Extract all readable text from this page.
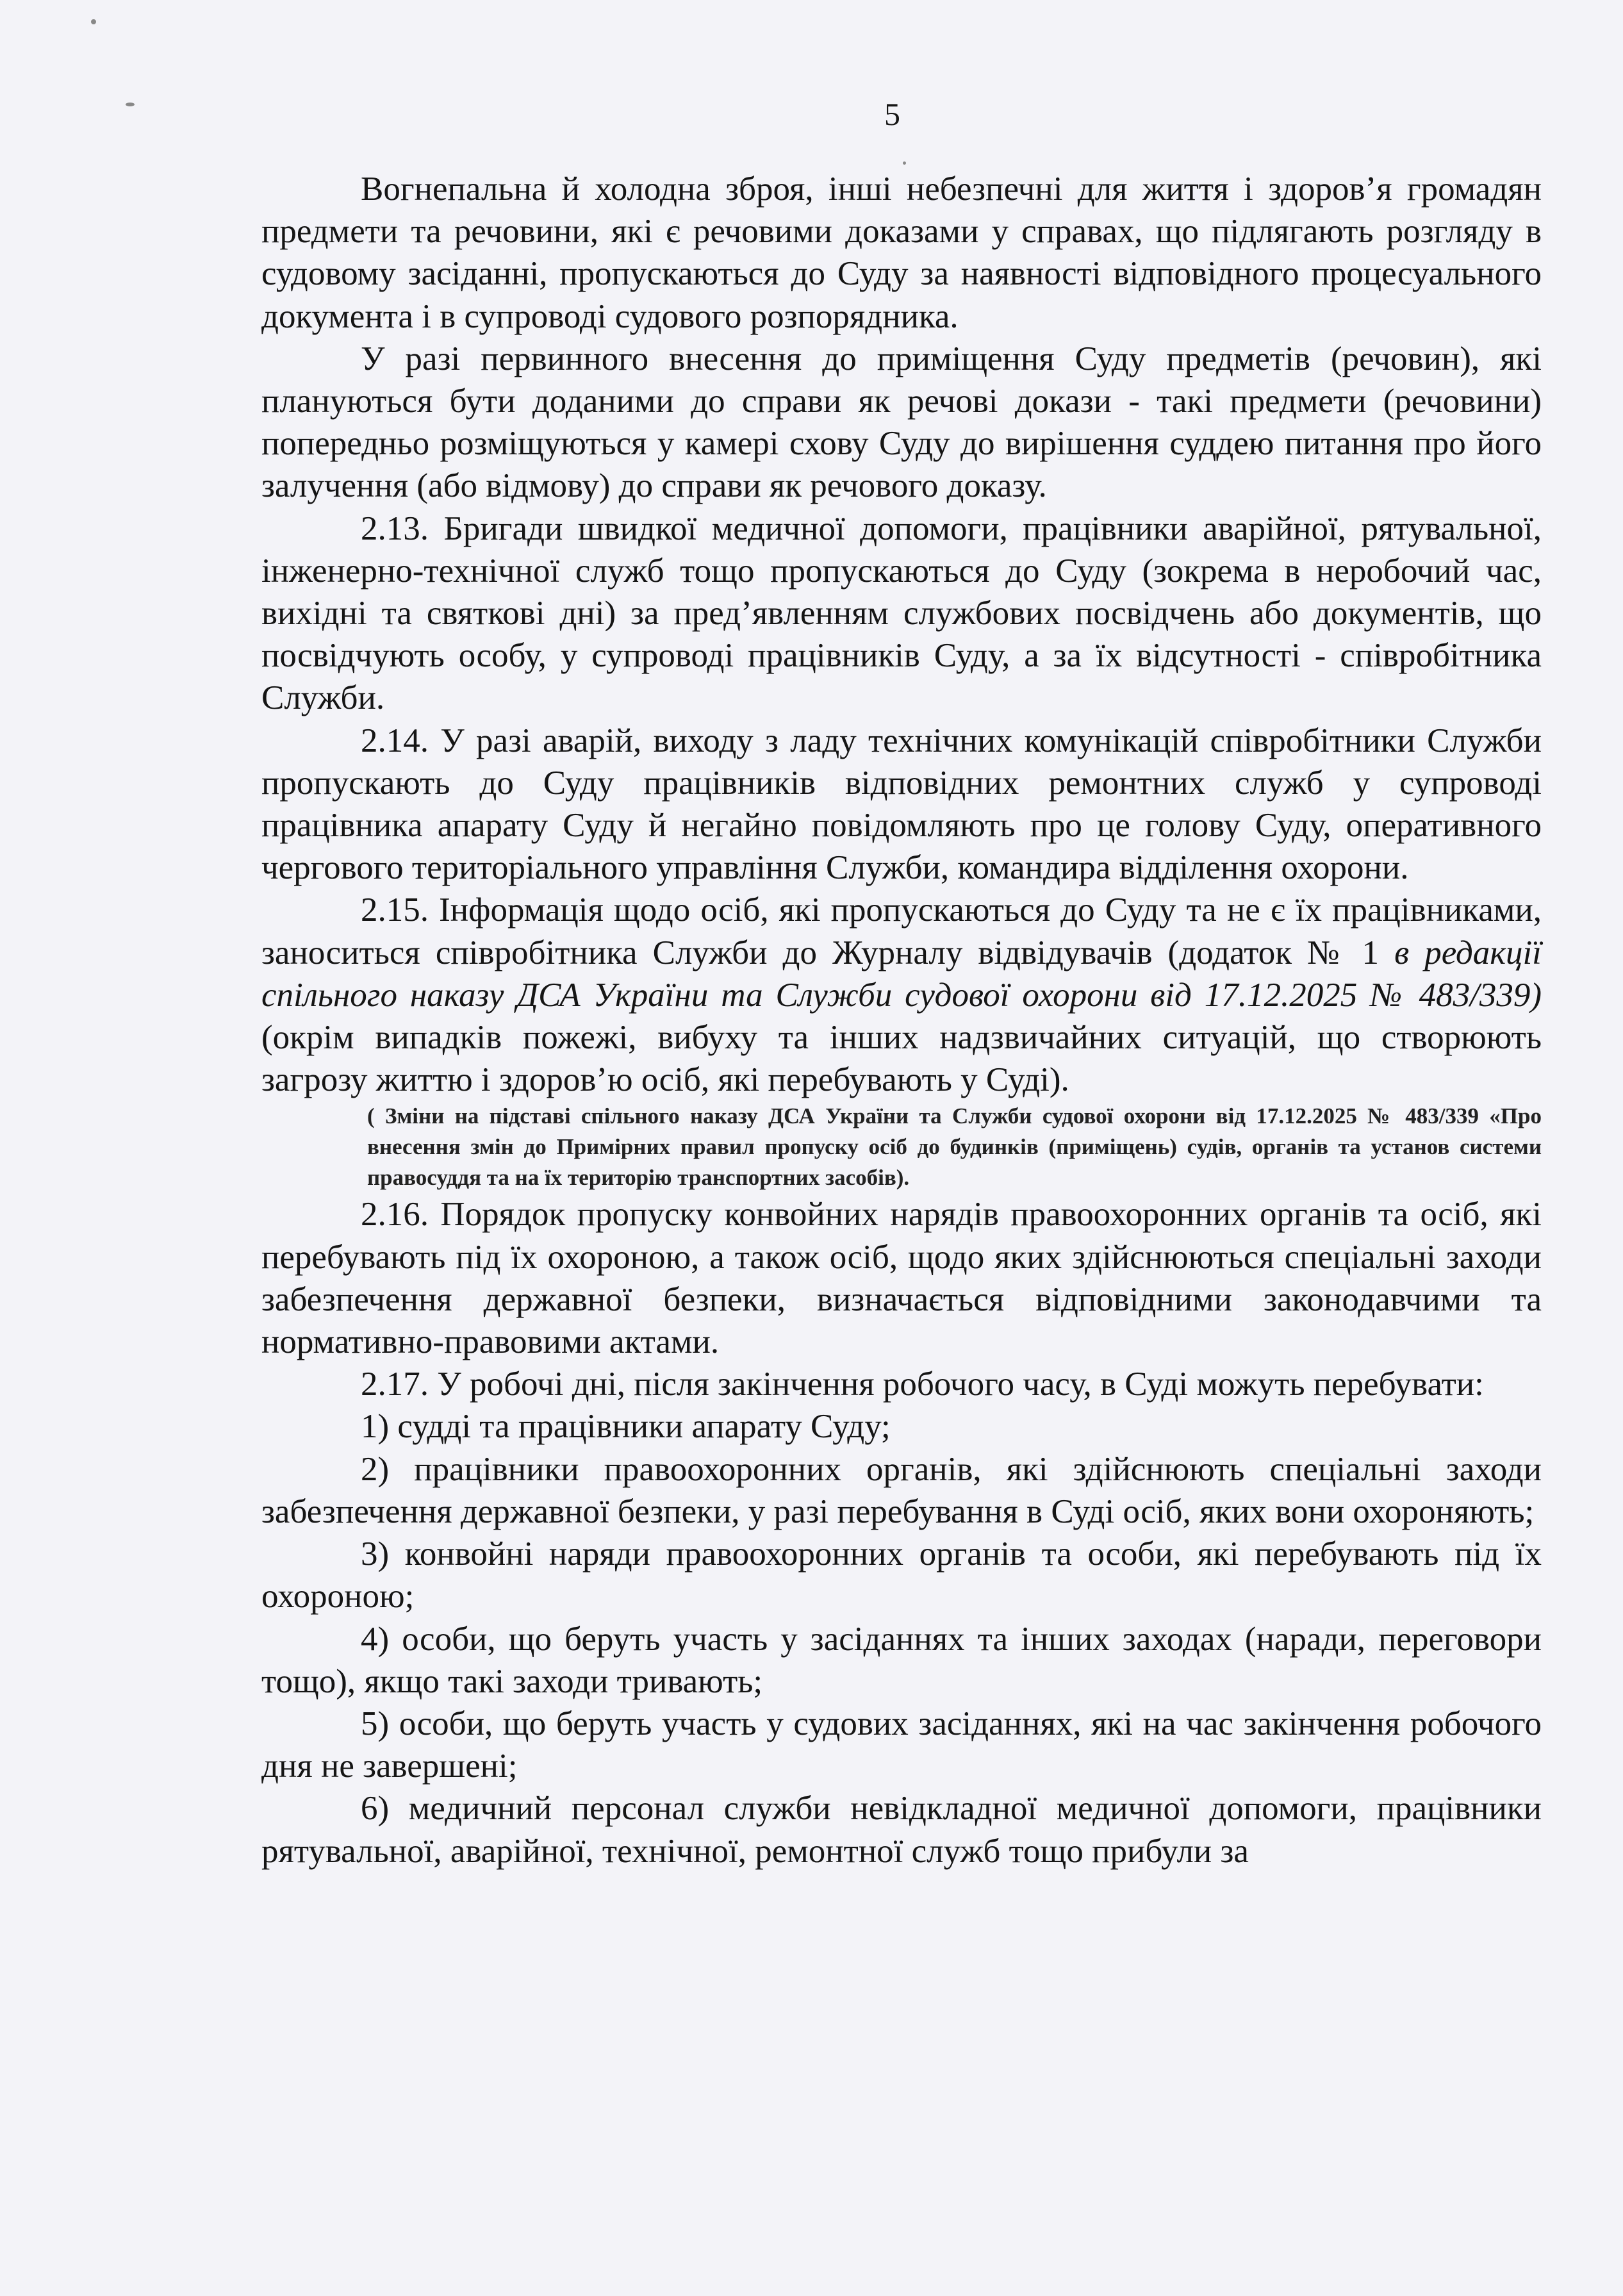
5

Вогнепальна й холодна зброя, інші небезпечні для життя і здоров’я громадян предмети та речовини, які є речовими доказами у справах, що підлягають розгляду в судовому засіданні, пропускаються до Суду за наявності відповідного процесуального документа і в супроводі судового розпорядника.

У разі первинного внесення до приміщення Суду предметів (речовин), які плануються бути доданими до справи як речові докази - такі предмети (речовини) попередньо розміщуються у камері схову Суду до вирішення суддею питання про його залучення (або відмову) до справи як речового доказу.

2.13. Бригади швидкої медичної допомоги, працівники аварійної, рятувальної, інженерно-технічної служб тощо пропускаються до Суду (зокрема в неробочий час, вихідні та святкові дні) за пред’явленням службових посвідчень або документів, що посвідчують особу, у супроводі працівників Суду, а за їх відсутності - співробітника Служби.

2.14. У разі аварій, виходу з ладу технічних комунікацій співробітники Служби пропускають до Суду працівників відповідних ремонтних служб у супроводі працівника апарату Суду й негайно повідомляють про це голову Суду, оперативного чергового територіального управління Служби, командира відділення охорони.

2.15. Інформація щодо осіб, які пропускаються до Суду та не є їх працівниками, заноситься співробітника Служби до Журналу відвідувачів (додаток № 1 в редакції спільного наказу ДСА України та Служби судової охорони від 17.12.2025 № 483/339) (окрім випадків пожежі, вибуху та інших надзвичайних ситуацій, що створюють загрозу життю і здоров’ю осіб, які перебувають у Суді).

( Зміни на підставі спільного наказу ДСА України та Служби судової охорони від 17.12.2025 № 483/339 «Про внесення змін до Примірних правил пропуску осіб до будинків (приміщень) судів, органів та установ системи правосуддя та на їх територію транспортних засобів).

2.16. Порядок пропуску конвойних нарядів правоохоронних органів та осіб, які перебувають під їх охороною, а також осіб, щодо яких здійснюються спеціальні заходи забезпечення державної безпеки, визначається відповідними законодавчими та нормативно-правовими актами.

2.17. У робочі дні, після закінчення робочого часу, в Суді можуть перебувати:

1) судді та працівники апарату Суду;

2) працівники правоохоронних органів, які здійснюють спеціальні заходи забезпечення державної безпеки, у разі перебування в Суді осіб, яких вони охороняють;

3) конвойні наряди правоохоронних органів та особи, які перебувають під їх охороною;

4) особи, що беруть участь у засіданнях та інших заходах (наради, переговори тощо), якщо такі заходи тривають;

5) особи, що беруть участь у судових засіданнях, які на час закінчення робочого дня не завершені;

6) медичний персонал служби невідкладної медичної допомоги, працівники рятувальної, аварійної, технічної, ремонтної служб тощо прибули за
